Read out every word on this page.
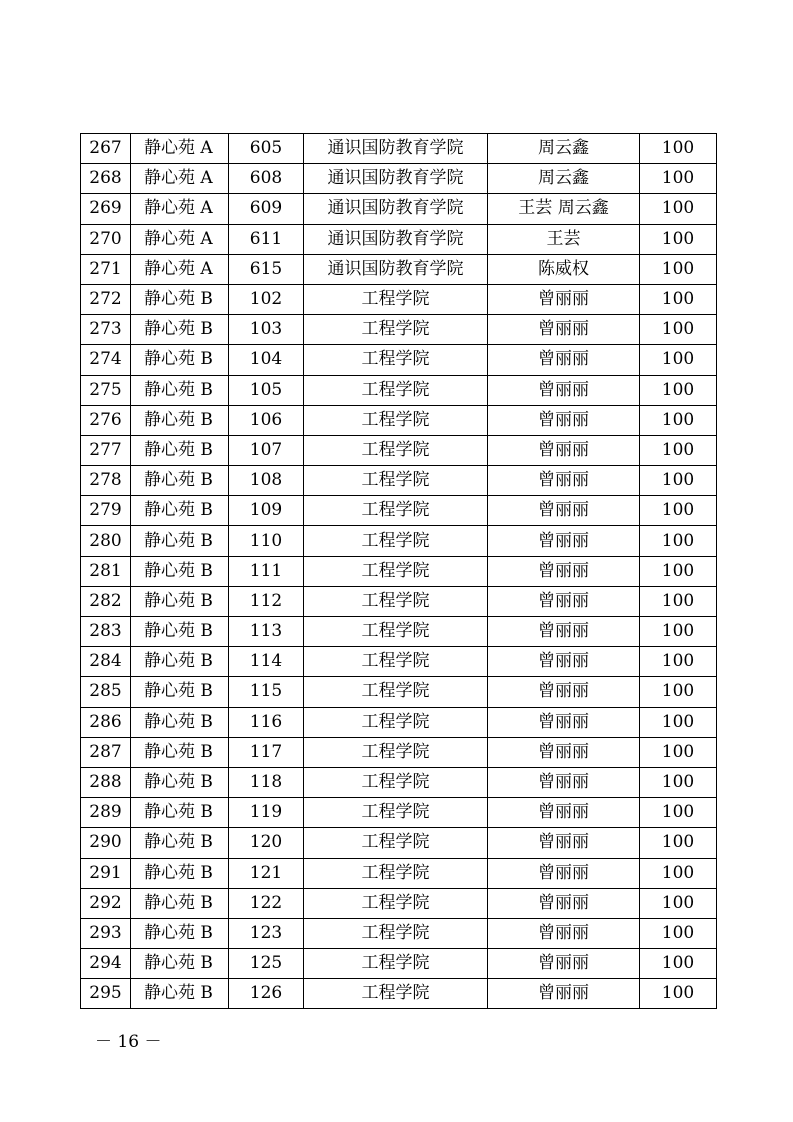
267	静心苑 A	605	通识国防教育学院	周云鑫	100
268	静心苑 A	608	通识国防教育学院	周云鑫	100
269	静心苑 A	609	通识国防教育学院	王芸 周云鑫	100
270	静心苑 A	611	通识国防教育学院	王芸	100
271	静心苑 A	615	通识国防教育学院	陈威权	100
272	静心苑 B	102	工程学院	曾丽丽	100
273	静心苑 B	103	工程学院	曾丽丽	100
274	静心苑 B	104	工程学院	曾丽丽	100
275	静心苑 B	105	工程学院	曾丽丽	100
276	静心苑 B	106	工程学院	曾丽丽	100
277	静心苑 B	107	工程学院	曾丽丽	100
278	静心苑 B	108	工程学院	曾丽丽	100
279	静心苑 B	109	工程学院	曾丽丽	100
280	静心苑 B	110	工程学院	曾丽丽	100
281	静心苑 B	111	工程学院	曾丽丽	100
282	静心苑 B	112	工程学院	曾丽丽	100
283	静心苑 B	113	工程学院	曾丽丽	100
284	静心苑 B	114	工程学院	曾丽丽	100
285	静心苑 B	115	工程学院	曾丽丽	100
286	静心苑 B	116	工程学院	曾丽丽	100
287	静心苑 B	117	工程学院	曾丽丽	100
288	静心苑 B	118	工程学院	曾丽丽	100
289	静心苑 B	119	工程学院	曾丽丽	100
290	静心苑 B	120	工程学院	曾丽丽	100
291	静心苑 B	121	工程学院	曾丽丽	100
292	静心苑 B	122	工程学院	曾丽丽	100
293	静心苑 B	123	工程学院	曾丽丽	100
294	静心苑 B	125	工程学院	曾丽丽	100
295	静心苑 B	126	工程学院	曾丽丽	100
－ 16 －
